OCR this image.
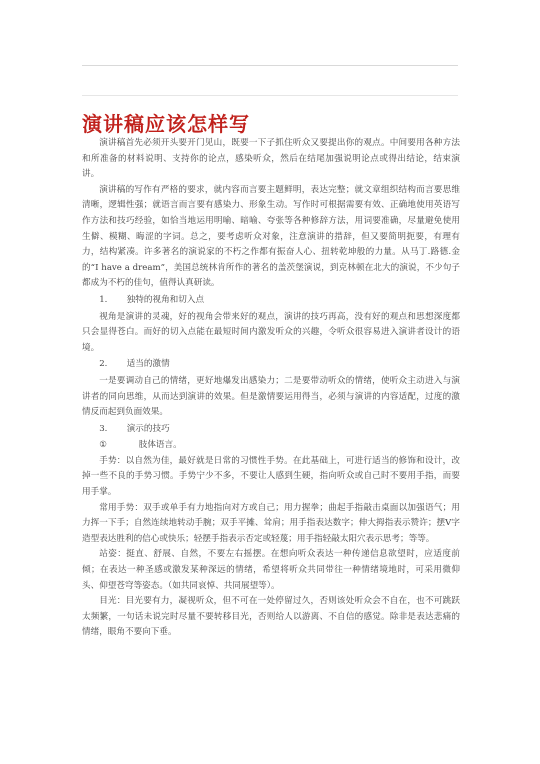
演讲稿应该怎样写

演讲稿首先必须开头要开门见山，既要一下子抓住听众又要提出你的观点。中间要用各种方法和所准备的材料说明、支持你的论点，感染听众，然后在结尾加强说明论点或得出结论，结束演讲。

演讲稿的写作有严格的要求，就内容而言要主题鲜明，表达完整；就文章组织结构而言要思维清晰，逻辑性强；就语言而言要有感染力、形象生动。写作时可根据需要有效、正确地使用英语写作方法和技巧经验，如恰当地运用明喻、暗喻、夸张等各种修辞方法，用词要准确，尽量避免使用生僻、模糊、晦涩的字词。总之，要考虑听众对象，注意演讲的措辞，但又要简明扼要，有理有力，结构紧凑。许多著名的演说家的不朽之作都有振奋人心、扭转乾坤般的力量。从马丁.路德.金的“I have a dream”，美国总统林肯所作的著名的盖茨堡演说，到克林顿在北大的演说，不少句子都成为不朽的佳句，值得认真研读。

1. 独特的视角和切入点

视角是演讲的灵魂，好的视角会带来好的观点，演讲的技巧再高，没有好的观点和思想深度都只会显得苍白。而好的切入点能在最短时间内激发听众的兴趣，令听众很容易进入演讲者设计的语境。

2. 适当的激情

一是要调动自己的情绪，更好地爆发出感染力；二是要带动听众的情绪，使听众主动进入与演讲者的同向思维，从而达到演讲的效果。但是激情要运用得当，必须与演讲的内容适配，过度的激情反而起到负面效果。

3. 演示的技巧

①	肢体语言。

手势：以自然为佳，最好就是日常的习惯性手势。在此基础上，可进行适当的修饰和设计，改掉一些不良的手势习惯。手势宁少不多，不要让人感到生硬，指向听众或自己时不要用手指，而要用手掌。

常用手势：双手或单手有力地指向对方或自己；用力握拳；曲起手指敲击桌面以加强语气；用力挥一下手；自然连续地转动手腕；双手平摊、耸肩；用手指表达数字；伸大拇指表示赞许；摆V字造型表达胜利的信心或快乐；轻摆手指表示否定或轻蔑；用手指轻敲太阳穴表示思考；等等。

站姿：挺直、舒展、自然，不要左右摇摆。在想向听众表达一种传递信息欲望时，应适度前倾；在表达一种圣感或激发某种深远的情绪，希望将听众共同带往一种情绪境地时，可采用微仰头、仰望苍穹等姿态。（如共同哀悼、共同展望等）。

目光：目光要有力，凝视听众，但不可在一处停留过久，否则该处听众会不自在，也不可跳跃太频繁，一句话未说完时尽量不要转移目光，否则给人以游离、不自信的感觉。除非是表达悲痛的情绪，眼角不要向下垂。
